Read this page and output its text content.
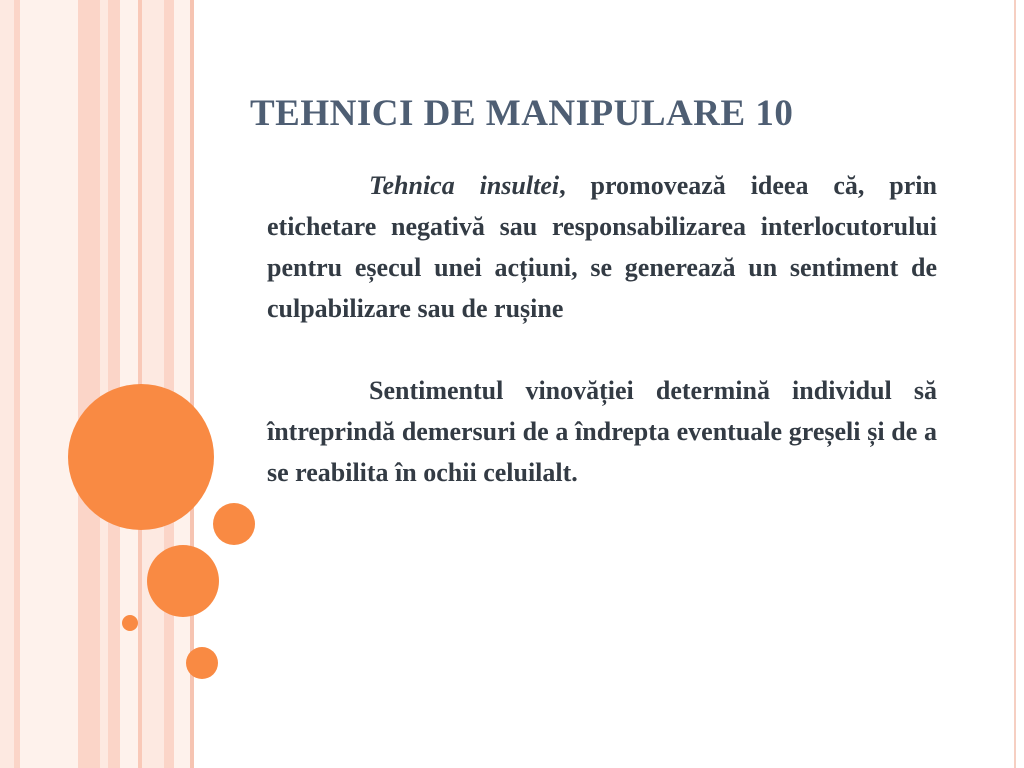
TEHNICI DE MANIPULARE 10

Tehnica insultei, promovează ideea că, prin etichetare negativă sau responsabilizarea interlocutorului pentru eșecul unei acțiuni, se generează un sentiment de culpabilizare sau de rușine

Sentimentul vinovăției determină individul să întreprindă demersuri de a îndrepta eventuale greșeli și de a se reabilita în ochii celuilalt.
